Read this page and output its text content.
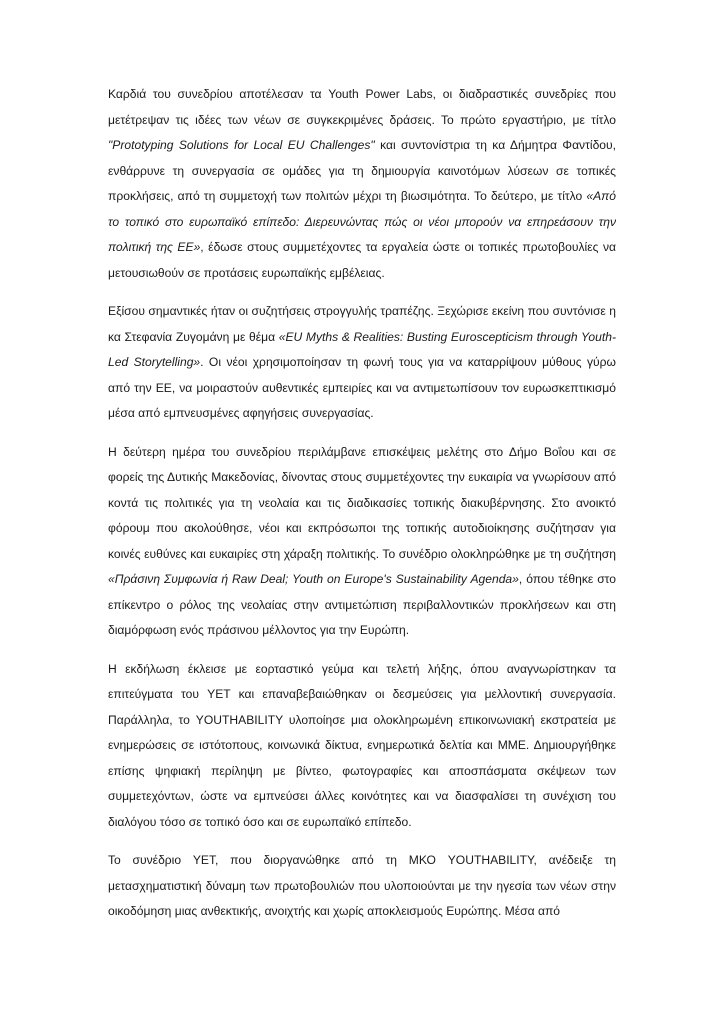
Καρδιά του συνεδρίου αποτέλεσαν τα Youth Power Labs, οι διαδραστικές συνεδρίες που μετέτρεψαν τις ιδέες των νέων σε συγκεκριμένες δράσεις. Το πρώτο εργαστήριο, με τίτλο "Prototyping Solutions for Local EU Challenges" και συντονίστρια τη κα Δήμητρα Φαντίδου, ενθάρρυνε τη συνεργασία σε ομάδες για τη δημιουργία καινοτόμων λύσεων σε τοπικές προκλήσεις, από τη συμμετοχή των πολιτών μέχρι τη βιωσιμότητα. Το δεύτερο, με τίτλο «Από το τοπικό στο ευρωπαϊκό επίπεδο: Διερευνώντας πώς οι νέοι μπορούν να επηρεάσουν την πολιτική της ΕΕ», έδωσε στους συμμετέχοντες τα εργαλεία ώστε οι τοπικές πρωτοβουλίες να μετουσιωθούν σε προτάσεις ευρωπαϊκής εμβέλειας.

Εξίσου σημαντικές ήταν οι συζητήσεις στρογγυλής τραπέζης. Ξεχώρισε εκείνη που συντόνισε η κα Στεφανία Ζυγομάνη με θέμα «EU Myths & Realities: Busting Euroscepticism through Youth-Led Storytelling». Οι νέοι χρησιμοποίησαν τη φωνή τους για να καταρρίψουν μύθους γύρω από την ΕΕ, να μοιραστούν αυθεντικές εμπειρίες και να αντιμετωπίσουν τον ευρωσκεπτικισμό μέσα από εμπνευσμένες αφηγήσεις συνεργασίας.

Η δεύτερη ημέρα του συνεδρίου περιλάμβανε επισκέψεις μελέτης στο Δήμο Βοΐου και σε φορείς της Δυτικής Μακεδονίας, δίνοντας στους συμμετέχοντες την ευκαιρία να γνωρίσουν από κοντά τις πολιτικές για τη νεολαία και τις διαδικασίες τοπικής διακυβέρνησης. Στο ανοικτό φόρουμ που ακολούθησε, νέοι και εκπρόσωποι της τοπικής αυτοδιοίκησης συζήτησαν για κοινές ευθύνες και ευκαιρίες στη χάραξη πολιτικής. Το συνέδριο ολοκληρώθηκε με τη συζήτηση «Πράσινη Συμφωνία ή Raw Deal; Youth on Europe's Sustainability Agenda», όπου τέθηκε στο επίκεντρο ο ρόλος της νεολαίας στην αντιμετώπιση περιβαλλοντικών προκλήσεων και στη διαμόρφωση ενός πράσινου μέλλοντος για την Ευρώπη.

Η εκδήλωση έκλεισε με εορταστικό γεύμα και τελετή λήξης, όπου αναγνωρίστηκαν τα επιτεύγματα του YET και επαναβεβαιώθηκαν οι δεσμεύσεις για μελλοντική συνεργασία. Παράλληλα, το YOUTHABILITY υλοποίησε μια ολοκληρωμένη επικοινωνιακή εκστρατεία με ενημερώσεις σε ιστότοπους, κοινωνικά δίκτυα, ενημερωτικά δελτία και ΜΜΕ. Δημιουργήθηκε επίσης ψηφιακή περίληψη με βίντεο, φωτογραφίες και αποσπάσματα σκέψεων των συμμετεχόντων, ώστε να εμπνεύσει άλλες κοινότητες και να διασφαλίσει τη συνέχιση του διαλόγου τόσο σε τοπικό όσο και σε ευρωπαϊκό επίπεδο.

Το συνέδριο YET, που διοργανώθηκε από τη ΜΚΟ YOUTHABILITY, ανέδειξε τη μετασχηματιστική δύναμη των πρωτοβουλιών που υλοποιούνται με την ηγεσία των νέων στην οικοδόμηση μιας ανθεκτικής, ανοιχτής και χωρίς αποκλεισμούς Ευρώπης. Μέσα από
